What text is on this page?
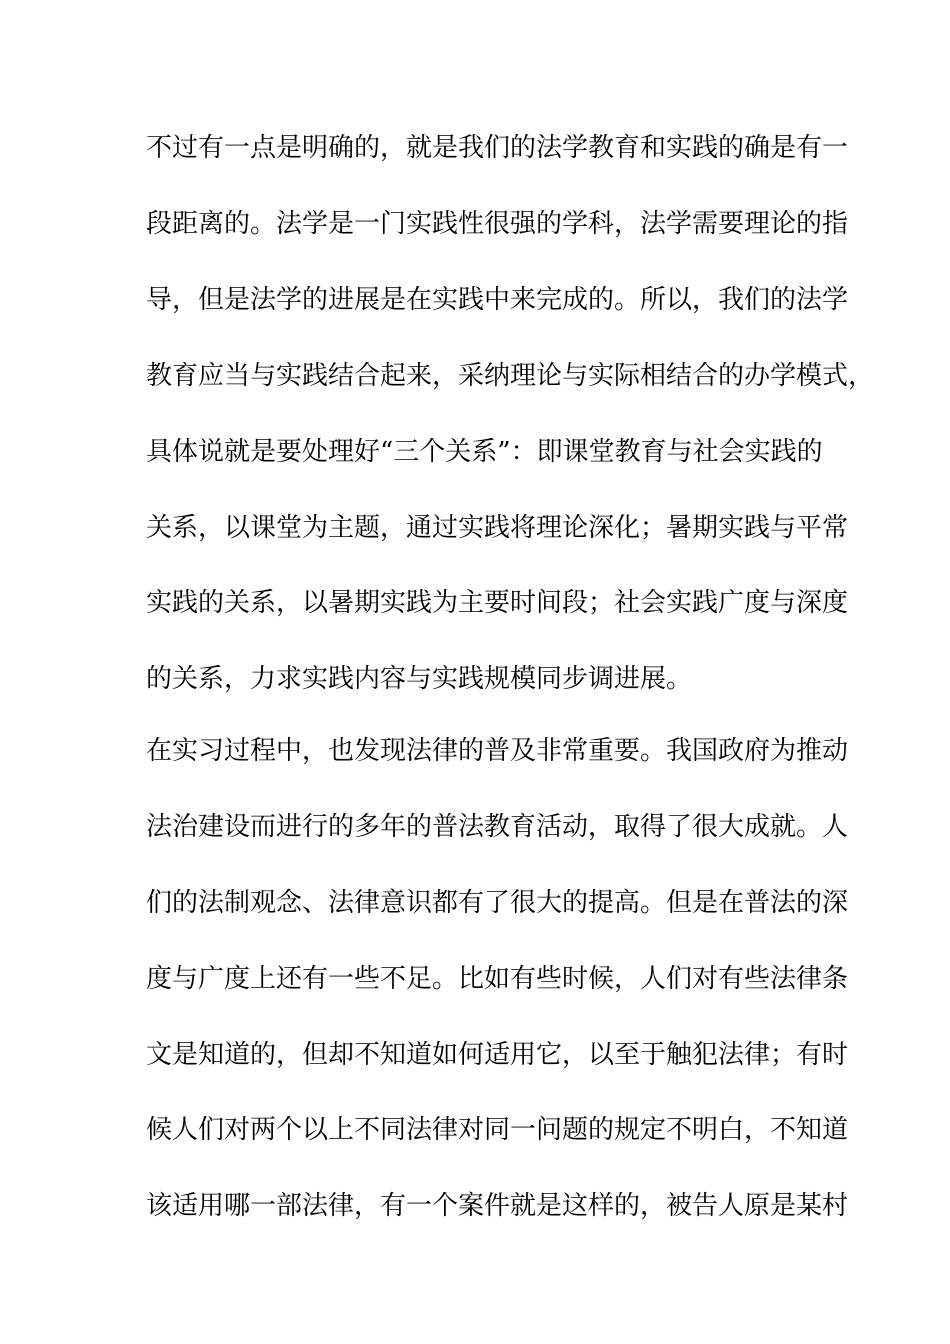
不过有一点是明确的，就是我们的法学教育和实践的确是有一
段距离的。法学是一门实践性很强的学科，法学需要理论的指
导，但是法学的进展是在实践中来完成的。所以，我们的法学
教育应当与实践结合起来，采纳理论与实际相结合的办学模式，
具体说就是要处理好“三个关系”：即课堂教育与社会实践的
关系，以课堂为主题，通过实践将理论深化；暑期实践与平常
实践的关系，以暑期实践为主要时间段；社会实践广度与深度
的关系，力求实践内容与实践规模同步调进展。
在实习过程中，也发现法律的普及非常重要。我国政府为推动
法治建设而进行的多年的普法教育活动，取得了很大成就。人
们的法制观念、法律意识都有了很大的提高。但是在普法的深
度与广度上还有一些不足。比如有些时候，人们对有些法律条
文是知道的，但却不知道如何适用它，以至于触犯法律；有时
候人们对两个以上不同法律对同一问题的规定不明白，不知道
该适用哪一部法律，有一个案件就是这样的，被告人原是某村
